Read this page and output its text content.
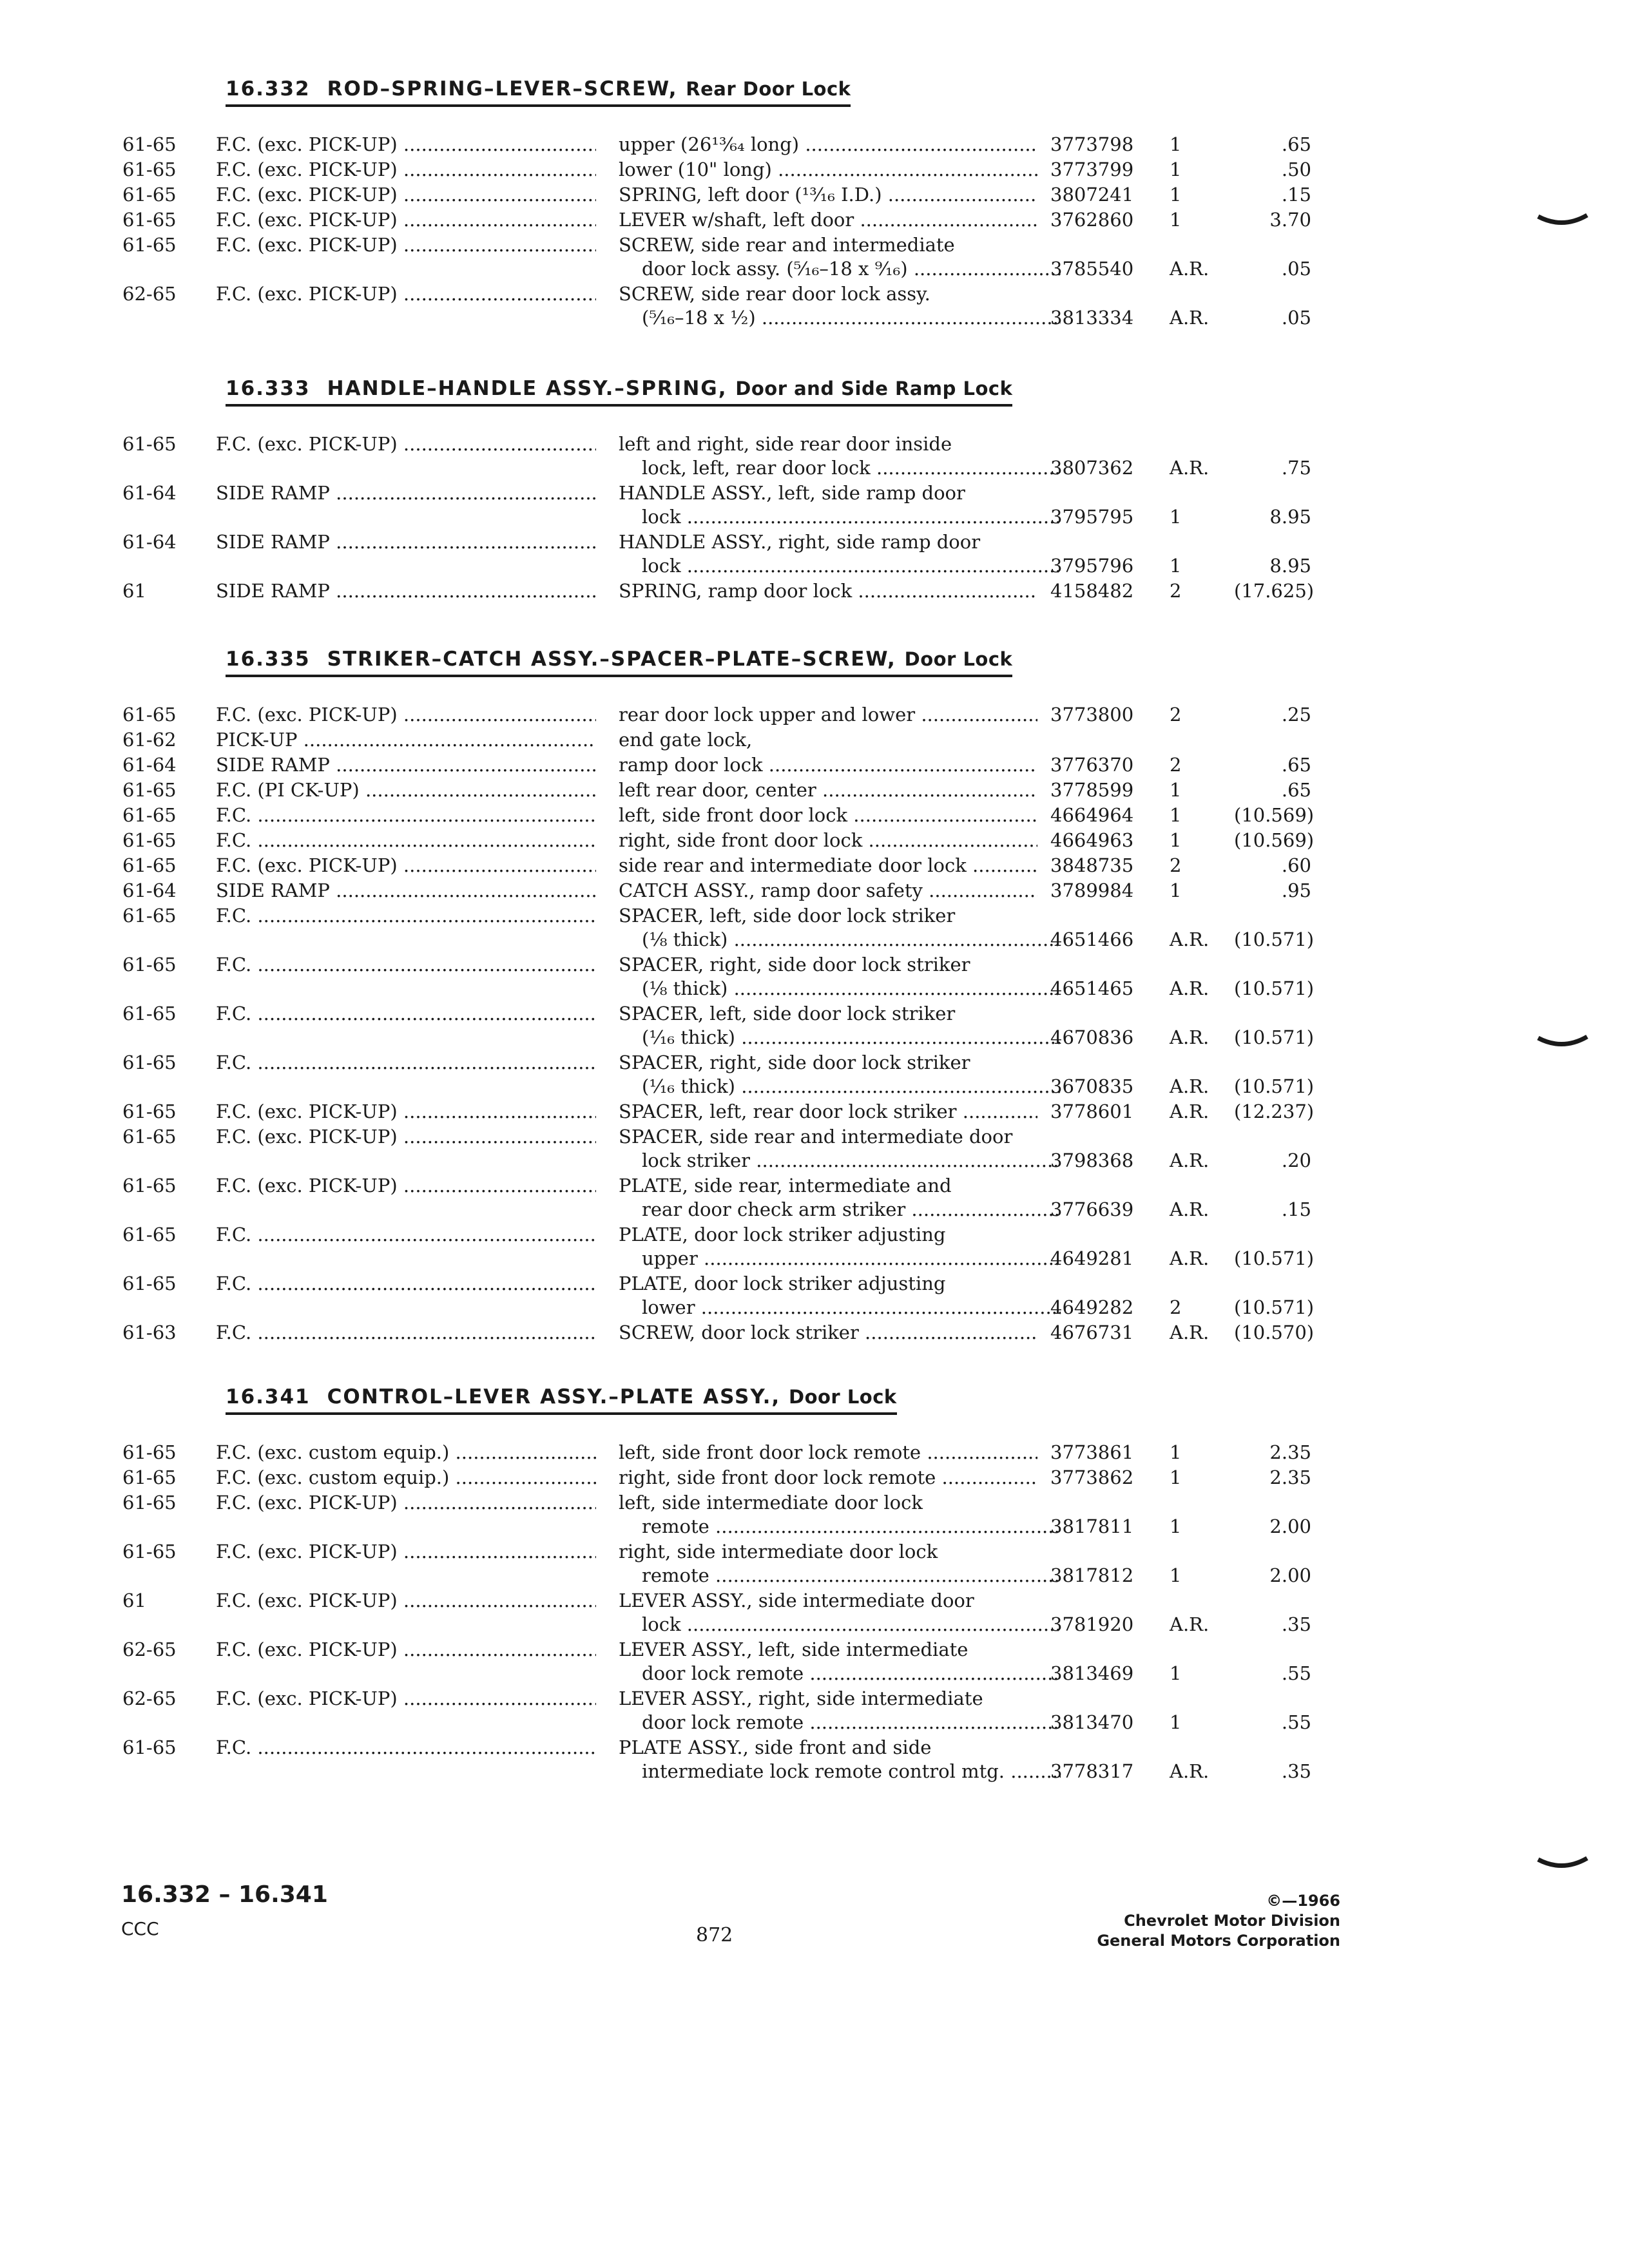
16.332 ROD–SPRING–LEVER–SCREW, Rear Door Lock
61-65	F.C. (exc. PICK-UP) .....	upper (26¹³⁄₆₄ long) .....	3773798 1	.65
61-65	F.C. (exc. PICK-UP) .....	lower (10" long) .....	3773799 1	.50
61-65	F.C. (exc. PICK-UP) .....	SPRING, left door (¹³⁄₁₆ I.D.) .....	3807241 1	.15
61-65	F.C. (exc. PICK-UP) .....	LEVER w/shaft, left door .....	3762860 1	3.70
61-65	F.C. (exc. PICK-UP) .....	SCREW, side rear and intermediate
door lock assy. (⁵⁄₁₆–18 x ⁹⁄₁₆) .....	3785540 A.R.	.05
62-65	F.C. (exc. PICK-UP) .....	SCREW, side rear door lock assy.
(⁵⁄₁₆–18 x ½) .....	3813334 A.R.	.05
16.333 HANDLE–HANDLE ASSY.–SPRING, Door and Side Ramp Lock
61-65	F.C. (exc. PICK-UP) .....	left and right, side rear door inside
lock, left, rear door lock .....	3807362 A.R.	.75
61-64	SIDE RAMP .....	HANDLE ASSY., left, side ramp door
lock .....	3795795 1	8.95
61-64	SIDE RAMP .....	HANDLE ASSY., right, side ramp door
lock .....	3795796 1	8.95
61	SIDE RAMP .....	SPRING, ramp door lock .....	4158482 2	(17.625)
16.335 STRIKER–CATCH ASSY.–SPACER–PLATE–SCREW, Door Lock
61-65	F.C. (exc. PICK-UP) .....	rear door lock upper and lower .....	3773800 2	.25
61-62	PICK-UP .....	end gate lock,
61-64	SIDE RAMP .....	ramp door lock .....	3776370 2	.65
61-65	F.C. (PI CK-UP) .....	left rear door, center .....	3778599 1	.65
61-65	F.C. .....	left, side front door lock .....	4664964 1	(10.569)
61-65	F.C. .....	right, side front door lock .....	4664963 1	(10.569)
61-65	F.C. (exc. PICK-UP) .....	side rear and intermediate door lock .....	3848735 2	.60
61-64	SIDE RAMP .....	CATCH ASSY., ramp door safety .....	3789984 1	.95
61-65	F.C. .....	SPACER, left, side door lock striker
(⅛ thick) .....	4651466 A.R. (10.571)
61-65	F.C. .....	SPACER, right, side door lock striker
(⅛ thick) .....	4651465 A.R. (10.571)
61-65	F.C. .....	SPACER, left, side door lock striker
(¹⁄₁₆ thick) .....	4670836 A.R. (10.571)
61-65	F.C. .....	SPACER, right, side door lock striker
(¹⁄₁₆ thick) .....	3670835 A.R. (10.571)
61-65	F.C. (exc. PICK-UP) .....	SPACER, left, rear door lock striker .....	3778601 A.R. (12.237)
61-65	F.C. (exc. PICK-UP) .....	SPACER, side rear and intermediate door
lock striker .....	3798368 A.R.	.20
61-65	F.C. (exc. PICK-UP) .....	PLATE, side rear, intermediate and
rear door check arm striker .....	3776639 A.R.	.15
61-65	F.C. .....	PLATE, door lock striker adjusting
upper .....	4649281 A.R. (10.571)
61-65	F.C. .....	PLATE, door lock striker adjusting
lower .....	4649282 2	(10.571)
61-63	F.C. .....	SCREW, door lock striker .....	4676731 A.R. (10.570)
16.341 CONTROL–LEVER ASSY.–PLATE ASSY., Door Lock
61-65	F.C. (exc. custom equip.) .....	left, side front door lock remote .....	3773861 1	2.35
61-65	F.C. (exc. custom equip.) .....	right, side front door lock remote .....	3773862 1	2.35
61-65	F.C. (exc. PICK-UP) .....	left, side intermediate door lock
remote .....	3817811 1	2.00
61-65	F.C. (exc. PICK-UP) .....	right, side intermediate door lock
remote .....	3817812 1	2.00
61	F.C. (exc. PICK-UP) .....	LEVER ASSY., side intermediate door
lock .....	3781920 A.R.	.35
62-65	F.C. (exc. PICK-UP) .....	LEVER ASSY., left, side intermediate
door lock remote .....	3813469 1	.55
62-65	F.C. (exc. PICK-UP) .....	LEVER ASSY., right, side intermediate
door lock remote .....	3813470 1	.55
61-65	F.C. .....	PLATE ASSY., side front and side
intermediate lock remote control mtg. .....	3778317 A.R.	.35
16.332 – 16.341
CCC	872
©—1966
Chevrolet Motor Division
General Motors Corporation
